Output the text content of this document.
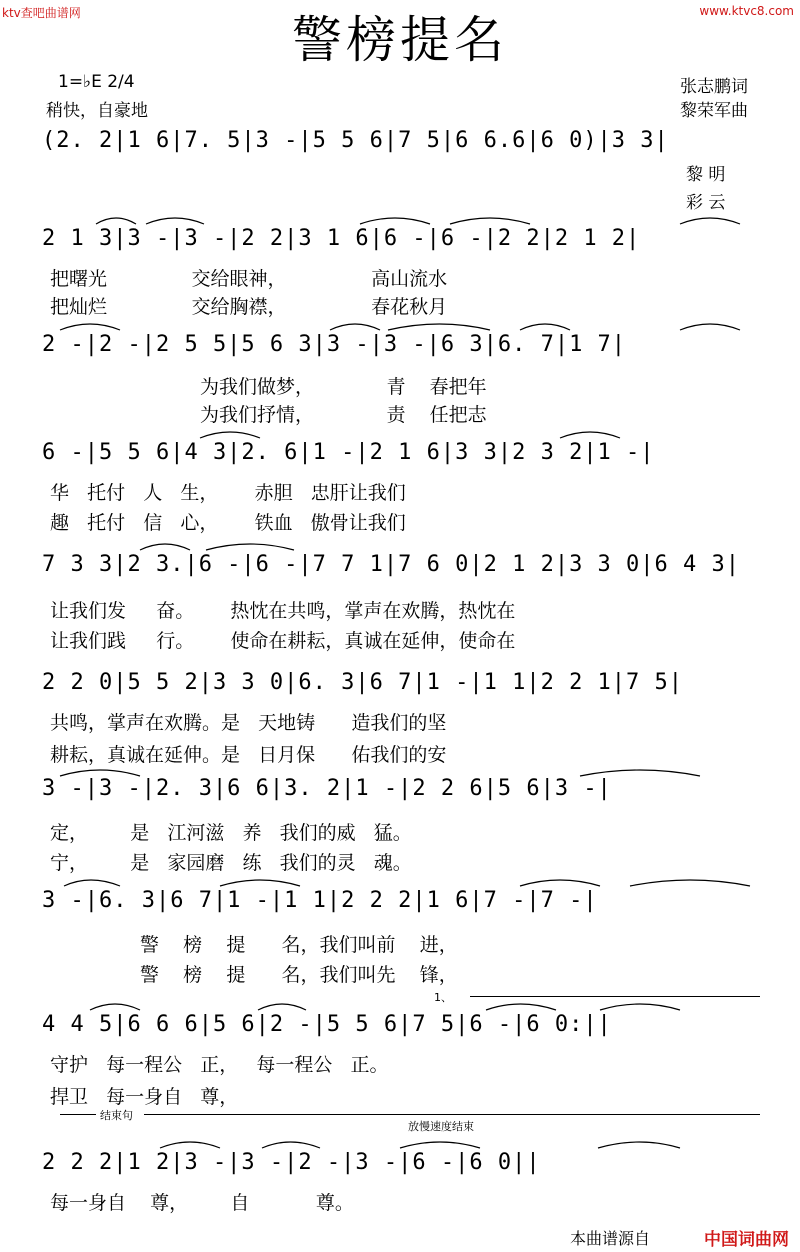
ktv查吧曲谱网	www.ktvc8.com
警榜提名
1=♭E 2/4
稍快，自豪地
张志鹏词
黎荣军曲
黎 明
彩 云
(2. 2|1 6|7. 5|3 -|5 5 6|7 5|6 6.6|6 0)|3 3|
2 1 3|3 -|3 -|2 2|3 1 6|6 -|6 -|2 2|2 1 2|
把曙光              交给眼神，              高山流水
把灿烂              交给胸襟，              春花秋月
2 -|2 -|2 5 5|5 6 3|3 -|3 -|6 3|6. 7|1 7|
为我们做梦，            青    春把年
为我们抒情，            责    任把志
6 -|5 5 6|4 3|2. 6|1 -|2 1 6|3 3|2 3 2|1 -|
华   托付   人   生，      赤胆   忠肝让我们
趣   托付   信   心，      铁血   傲骨让我们
7 3 3|2 3.|6 -|6 -|7 7 1|7 6 0|2 1 2|3 3 0|6 4 3|
让我们发     奋。      热忱在共鸣，掌声在欢腾，热忱在
让我们践     行。      使命在耕耘，真诚在延伸，使命在
2 2 0|5 5 2|3 3 0|6. 3|6 7|1 -|1 1|2 2 1|7 5|
共鸣，掌声在欢腾。是   天地铸      造我们的坚
耕耘，真诚在延伸。是   日月保      佑我们的安
3 -|3 -|2. 3|6 6|3. 2|1 -|2 2 6|5 6|3 -|
定，       是   江河滋   养   我们的威   猛。
宁，       是   家园磨   练   我们的灵   魂。
3 -|6. 3|6 7|1 -|1 1|2 2 2|1 6|7 -|7 -|
警    榜    提      名，我们叫前    进，
警    榜    提      名，我们叫先    锋，
1、
4 4 5|6 6 6|5 6|2 -|5 5 6|7 5|6 -|6 0:||
守护   每一程公   正，   每一程公   正。
捍卫   每一身自   尊，
结束句
放慢速度结束
2 2 2|1 2|3 -|3 -|2 -|3 -|6 -|6 0||
每一身自    尊，       自           尊。
本曲谱源自	中国词曲网
